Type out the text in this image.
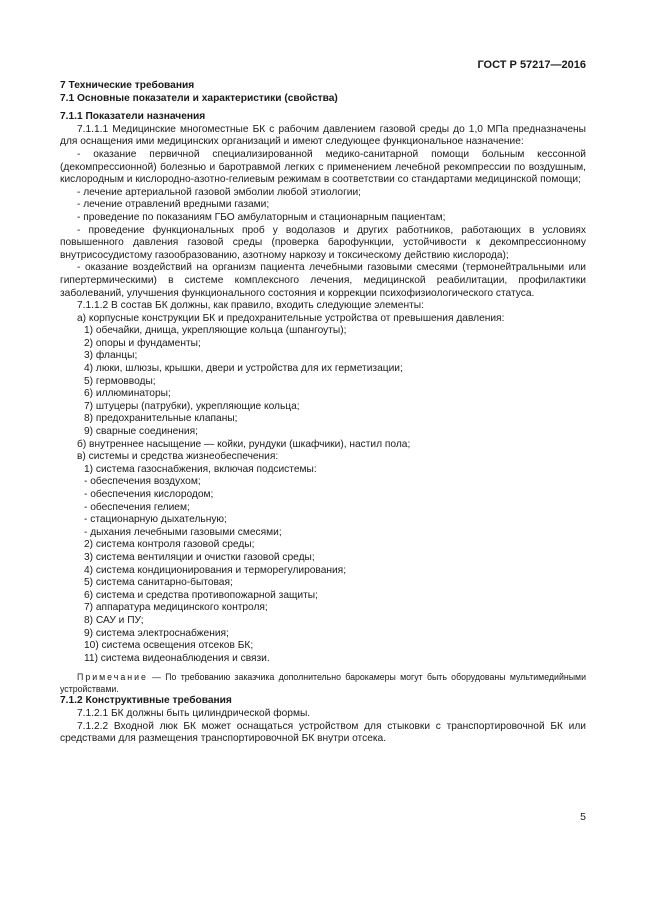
ГОСТ Р 57217—2016

7 Технические требования

7.1 Основные показатели и характеристики (свойства)

7.1.1 Показатели назначения

7.1.1.1 Медицинские многоместные БК с рабочим давлением газовой среды до 1,0 МПа предназначены для оснащения ими медицинских организаций и имеют следующее функциональное назначение:

- оказание первичной специализированной медико-санитарной помощи больным кессонной (декомпрессионной) болезнью и баротравмой легких с применением лечебной рекомпрессии по воздушным, кислородным и кислородно-азотно-гелиевым режимам в соответствии со стандартами медицинской помощи;

- лечение артериальной газовой эмболии любой этиологии;

- лечение отравлений вредными газами;

- проведение по показаниям ГБО амбулаторным и стационарным пациентам;

- проведение функциональных проб у водолазов и других работников, работающих в условиях повышенного давления газовой среды (проверка барофункции, устойчивости к декомпрессионному внутрисосудистому газообразованию, азотному наркозу и токсическому действию кислорода);

- оказание воздействий на организм пациента лечебными газовыми смесями (термонейтральными или гипертермическими) в системе комплексного лечения, медицинской реабилитации, профилактики заболеваний, улучшения функционального состояния и коррекции психофизиологического статуса.

7.1.1.2 В состав БК должны, как правило, входить следующие элементы:

а) корпусные конструкции БК и предохранительные устройства от превышения давления:

1) обечайки, днища, укрепляющие кольца (шпангоуты);

2) опоры и фундаменты;

3) фланцы;

4) люки, шлюзы, крышки, двери и устройства для их герметизации;

5) гермовводы;

6) иллюминаторы;

7) штуцеры (патрубки), укрепляющие кольца;

8) предохранительные клапаны;

9) сварные соединения;

б) внутреннее насыщение — койки, рундуки (шкафчики), настил пола;

в) системы и средства жизнеобеспечения:

1) система газоснабжения, включая подсистемы:

- обеспечения воздухом;

- обеспечения кислородом;

- обеспечения гелием;

- стационарную дыхательную;

- дыхания лечебными газовыми смесями;

2) система контроля газовой среды;

3) система вентиляции и очистки газовой среды;

4) система кондиционирования и терморегулирования;

5) система санитарно-бытовая;

6) система и средства противопожарной защиты;

7) аппаратура медицинского контроля;

8) САУ и ПУ;

9) система электроснабжения;

10) система освещения отсеков БК;

11) система видеонаблюдения и связи.

Примечание — По требованию заказчика дополнительно барокамеры могут быть оборудованы мультимедийными устройствами.

7.1.2 Конструктивные требования

7.1.2.1 БК должны быть цилиндрической формы.

7.1.2.2 Входной люк БК может оснащаться устройством для стыковки с транспортировочной БК или средствами для размещения транспортировочной БК внутри отсека.

5
